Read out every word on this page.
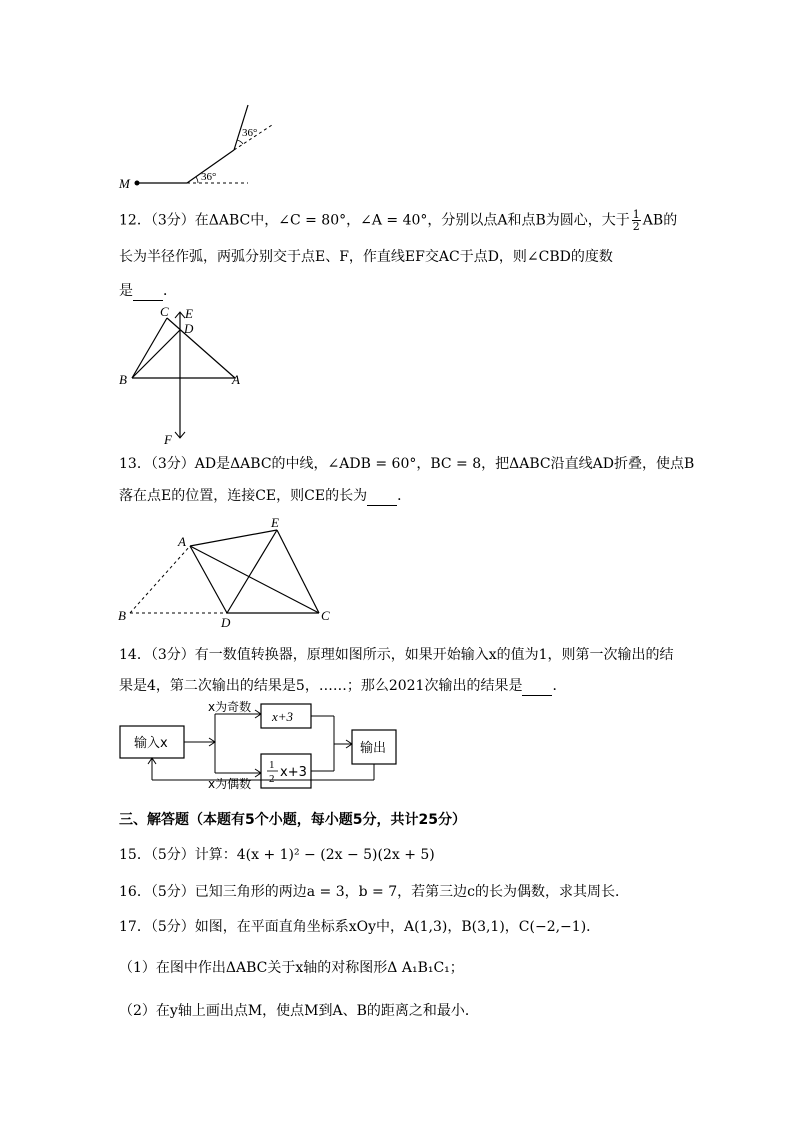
M	36°
36°
12．（3分）在ΔABC中，∠C = 80°，∠A = 40°，分别以点A和点B为圆心，大于 $\frac{1}{2}$ AB的
长为半径作弧，两弧分别交于点E、F，作直线EF交AC于点D，则∠CBD的度数
是 ．
C E
D
B	A
F
13．（3分）AD是ΔABC的中线，∠ADB = 60°，BC = 8，把ΔABC沿直线AD折叠，使点B
落在点E的位置，连接CE，则CE的长为 ．
A
E
B	D	C
14．（3分）有一数值转换器，原理如图所示，如果开始输入x的值为1，则第一次输出的结
果是4，第二次输出的结果是5，……；那么2021次输出的结果是 ．
输入x
x为奇数
x为偶数
x+3
1
2 x+3
输出
三、解答题（本题有5个小题，每小题5分，共计25分）
15．（5分）计算：4(x + 1)² − (2x − 5)(2x + 5)
16．（5分）已知三角形的两边a = 3，b = 7，若第三边c的长为偶数，求其周长．
17．（5分）如图，在平面直角坐标系xOy中，A(1,3)，B(3,1)，C(−2,−1)．
（1）在图中作出ΔABC关于x轴的对称图形Δ A₁B₁C₁；
（2）在y轴上画出点M，使点M到A、B的距离之和最小．
